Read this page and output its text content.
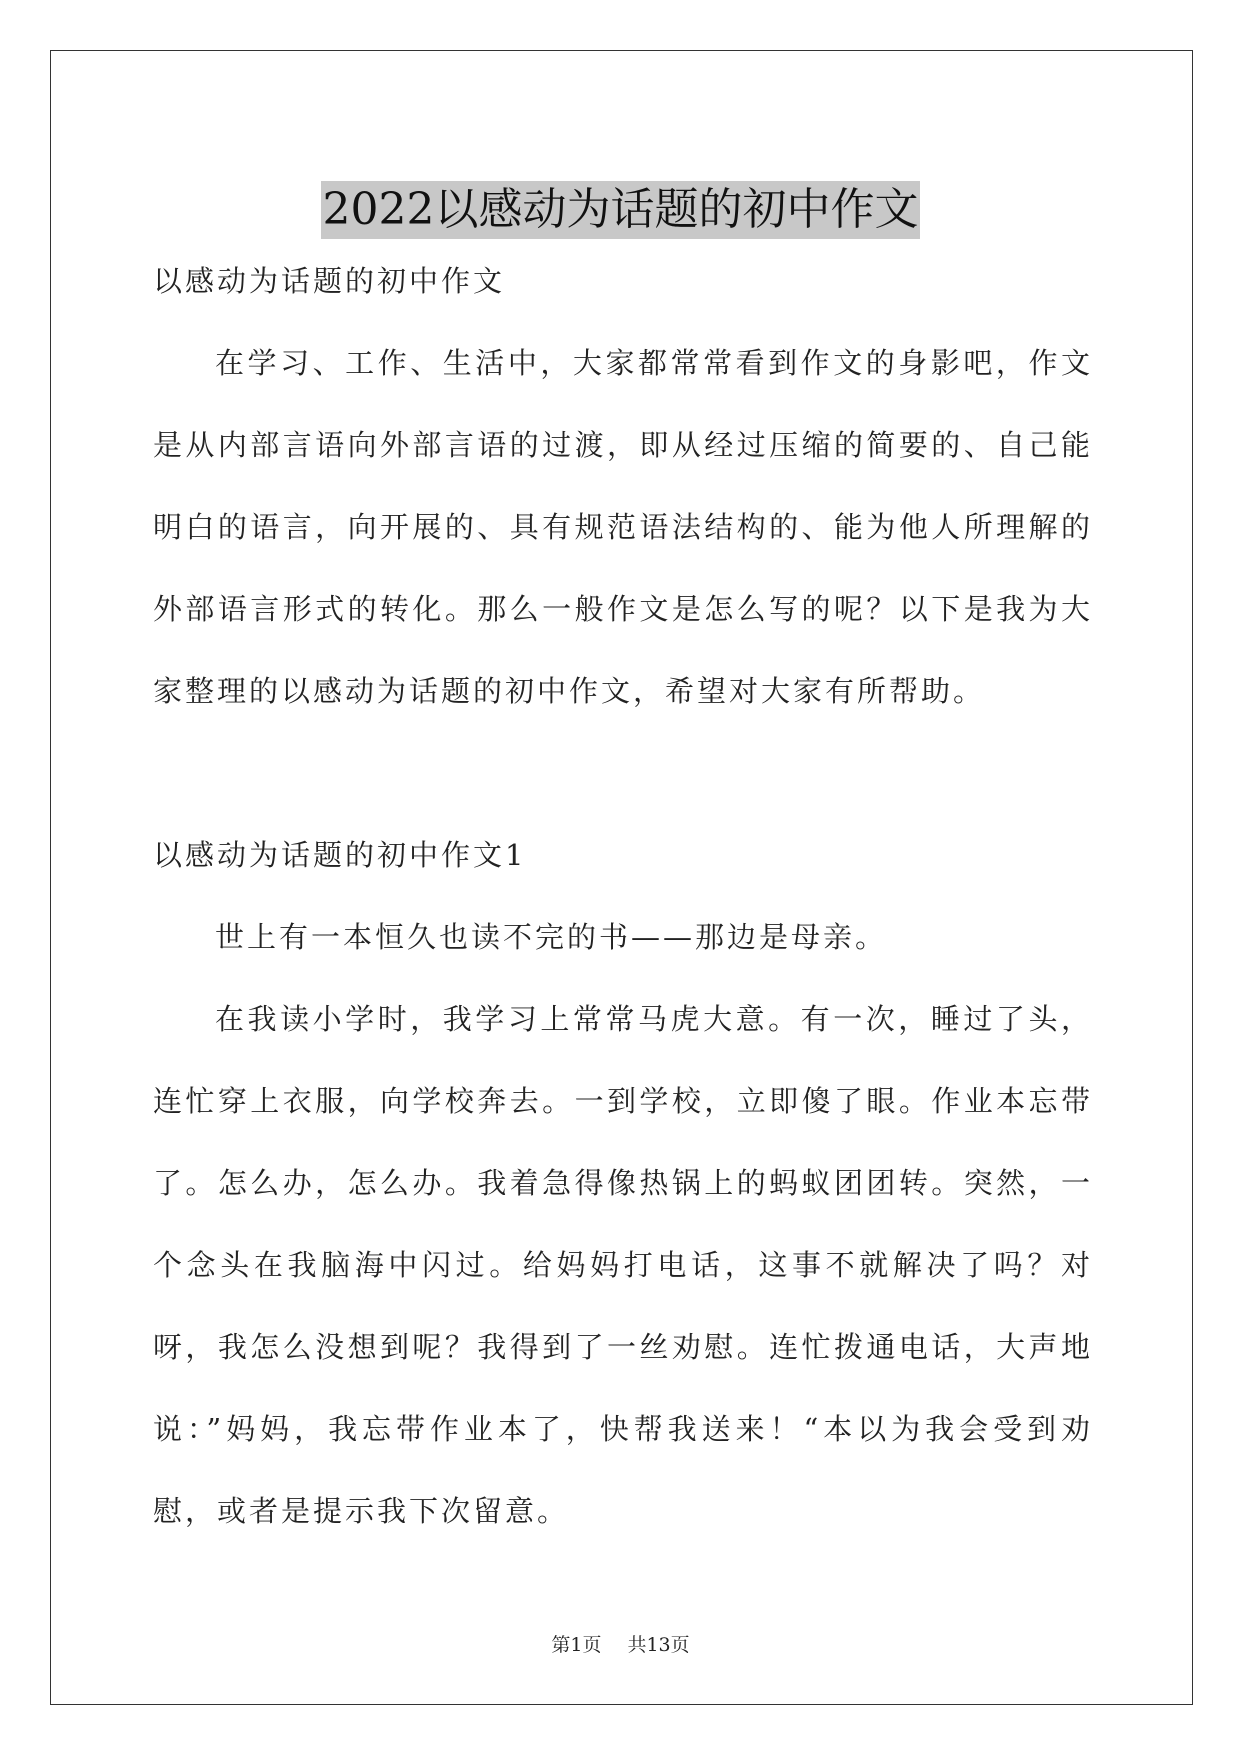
2022以感动为话题的初中作文

以感动为话题的初中作文

在学习、工作、生活中，大家都常常看到作文的身影吧，作文是从内部言语向外部言语的过渡，即从经过压缩的简要的、自己能明白的语言，向开展的、具有规范语法结构的、能为他人所理解的外部语言形式的转化。那么一般作文是怎么写的呢？以下是我为大家整理的以感动为话题的初中作文，希望对大家有所帮助。

以感动为话题的初中作文1

世上有一本恒久也读不完的书——那边是母亲。

在我读小学时，我学习上常常马虎大意。有一次，睡过了头，连忙穿上衣服，向学校奔去。一到学校，立即傻了眼。作业本忘带了。怎么办，怎么办。我着急得像热锅上的蚂蚁团团转。突然，一个念头在我脑海中闪过。给妈妈打电话，这事不就解决了吗？对呀，我怎么没想到呢？我得到了一丝劝慰。连忙拨通电话，大声地说：”妈妈，我忘带作业本了，快帮我送来！“本以为我会受到劝慰，或者是提示我下次留意。

第1页 共13页
